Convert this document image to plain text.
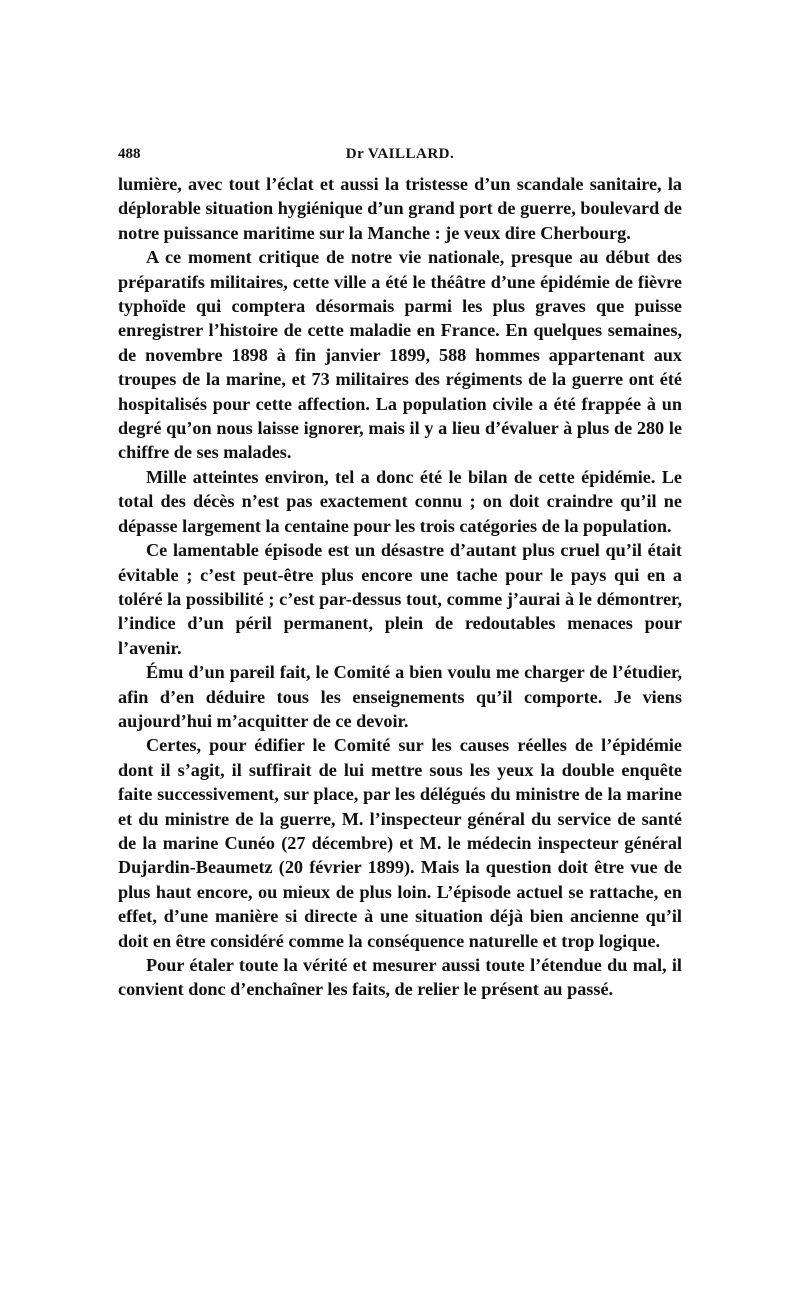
488	Dr VAILLARD.

lumière, avec tout l’éclat et aussi la tristesse d’un scandale sanitaire, la déplorable situation hygiénique d’un grand port de guerre, boulevard de notre puissance maritime sur la Manche : je veux dire Cherbourg.

A ce moment critique de notre vie nationale, presque au début des préparatifs militaires, cette ville a été le théâtre d’une épidémie de fièvre typhoïde qui comptera désormais parmi les plus graves que puisse enregistrer l’histoire de cette maladie en France. En quelques semaines, de novembre 1898 à fin janvier 1899, 588 hommes appartenant aux troupes de la marine, et 73 militaires des régiments de la guerre ont été hospitalisés pour cette affection. La population civile a été frappée à un degré qu’on nous laisse ignorer, mais il y a lieu d’évaluer à plus de 280 le chiffre de ses malades.

Mille atteintes environ, tel a donc été le bilan de cette épidémie. Le total des décès n’est pas exactement connu ; on doit craindre qu’il ne dépasse largement la centaine pour les trois catégories de la population.

Ce lamentable épisode est un désastre d’autant plus cruel qu’il était évitable ; c’est peut-être plus encore une tache pour le pays qui en a toléré la possibilité ; c’est par-dessus tout, comme j’aurai à le démontrer, l’indice d’un péril permanent, plein de redoutables menaces pour l’avenir.

Ému d’un pareil fait, le Comité a bien voulu me charger de l’étudier, afin d’en déduire tous les enseignements qu’il comporte. Je viens aujourd’hui m’acquitter de ce devoir.

Certes, pour édifier le Comité sur les causes réelles de l’épidémie dont il s’agit, il suffirait de lui mettre sous les yeux la double enquête faite successivement, sur place, par les délégués du ministre de la marine et du ministre de la guerre, M. l’inspecteur général du service de santé de la marine Cunéo (27 décembre) et M. le médecin inspecteur général Dujardin-Beaumetz (20 février 1899). Mais la question doit être vue de plus haut encore, ou mieux de plus loin. L’épisode actuel se rattache, en effet, d’une manière si directe à une situation déjà bien ancienne qu’il doit en être considéré comme la conséquence naturelle et trop logique.

Pour étaler toute la vérité et mesurer aussi toute l’étendue du mal, il convient donc d’enchaîner les faits, de relier le présent au passé.
